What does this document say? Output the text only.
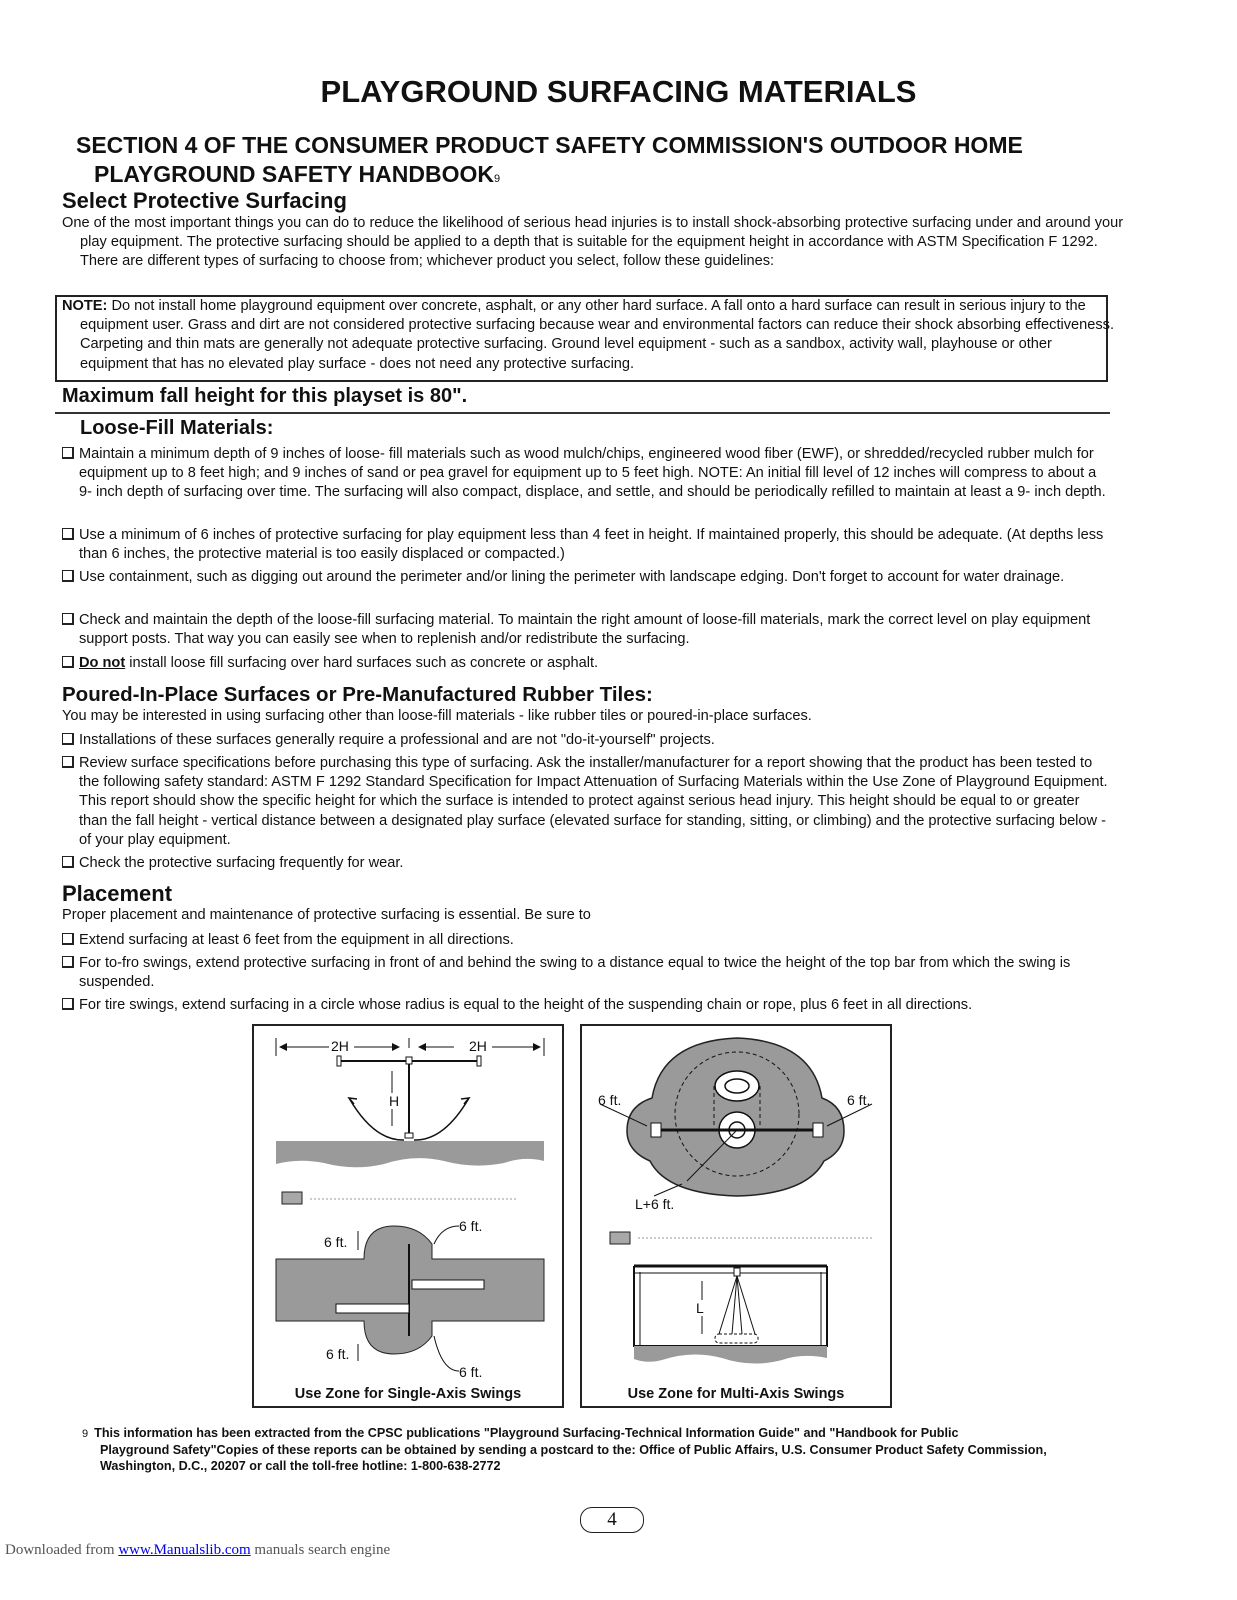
PLAYGROUND SURFACING MATERIALS
SECTION 4 OF THE CONSUMER PRODUCT SAFETY COMMISSION'S OUTDOOR HOME
PLAYGROUND SAFETY HANDBOOK9
Select Protective Surfacing
One of the most important things you can do to reduce the likelihood of serious head injuries is to install shock-absorbing protective surfacing under and around your play equipment. The protective surfacing should be applied to a depth that is suitable for the equipment height in accordance with ASTM Specification F 1292. There are different types of surfacing to choose from; whichever product you select, follow these guidelines:
NOTE: Do not install home playground equipment over concrete, asphalt, or any other hard surface. A fall onto a hard surface can result in serious injury to the equipment user. Grass and dirt are not considered protective surfacing because wear and environmental factors can reduce their shock absorbing effectiveness. Carpeting and thin mats are generally not adequate protective surfacing. Ground level equipment - such as a sandbox, activity wall, playhouse or other equipment that has no elevated play surface - does not need any protective surfacing.
Maximum fall height for this playset is 80".
Loose-Fill Materials:
Maintain a minimum depth of 9 inches of loose- fill materials such as wood mulch/chips, engineered wood fiber (EWF), or shredded/recycled rubber mulch for equipment up to 8 feet high; and 9 inches of sand or pea gravel for equipment up to 5 feet high. NOTE: An initial fill level of 12 inches will compress to about a 9- inch depth of surfacing over time. The surfacing will also compact, displace, and settle, and should be periodically refilled to maintain at least a 9- inch depth.
Use a minimum of 6 inches of protective surfacing for play equipment less than 4 feet in height. If maintained properly, this should be adequate. (At depths less than 6 inches, the protective material is too easily displaced or compacted.)
Use containment, such as digging out around the perimeter and/or lining the perimeter with landscape edging. Don't forget to account for water drainage.
Check and maintain the depth of the loose-fill surfacing material. To maintain the right amount of loose-fill materials, mark the correct level on play equipment support posts. That way you can easily see when to replenish and/or redistribute the surfacing.
Do not install loose fill surfacing over hard surfaces such as concrete or asphalt.
Poured-In-Place Surfaces or Pre-Manufactured Rubber Tiles:
You may be interested in using surfacing other than loose-fill materials - like rubber tiles or poured-in-place surfaces.
Installations of these surfaces generally require a professional and are not "do-it-yourself" projects.
Review surface specifications before purchasing this type of surfacing. Ask the installer/manufacturer for a report showing that the product has been tested to the following safety standard: ASTM F 1292 Standard Specification for Impact Attenuation of Surfacing Materials within the Use Zone of Playground Equipment. This report should show the specific height for which the surface is intended to protect against serious head injury. This height should be equal to or greater than the fall height - vertical distance between a designated play surface (elevated surface for standing, sitting, or climbing) and the protective surfacing below - of your play equipment.
Check the protective surfacing frequently for wear.
Placement
Proper placement and maintenance of protective surfacing is essential. Be sure to
Extend surfacing at least 6 feet from the equipment in all directions.
For to-fro swings, extend protective surfacing in front of and behind the swing to a distance equal to twice the height of the top bar from which the swing is suspended.
For tire swings, extend surfacing in a circle whose radius is equal to the height of the suspending chain or rope, plus 6 feet in all directions.
2H	2H
H
6 ft.
6 ft.
6 ft.
6 ft.
Use Zone for Single-Axis Swings
6 ft.	6 ft.
L+6 ft.
L
Use Zone for Multi-Axis Swings
9 This information has been extracted from the CPSC publications "Playground Surfacing-Technical Information Guide" and "Handbook for Public
Playground Safety"Copies of these reports can be obtained by sending a postcard to the: Office of Public Affairs, U.S. Consumer Product Safety Commission, Washington, D.C., 20207 or call the toll-free hotline: 1-800-638-2772
4
Downloaded from www.Manualslib.com manuals search engine
